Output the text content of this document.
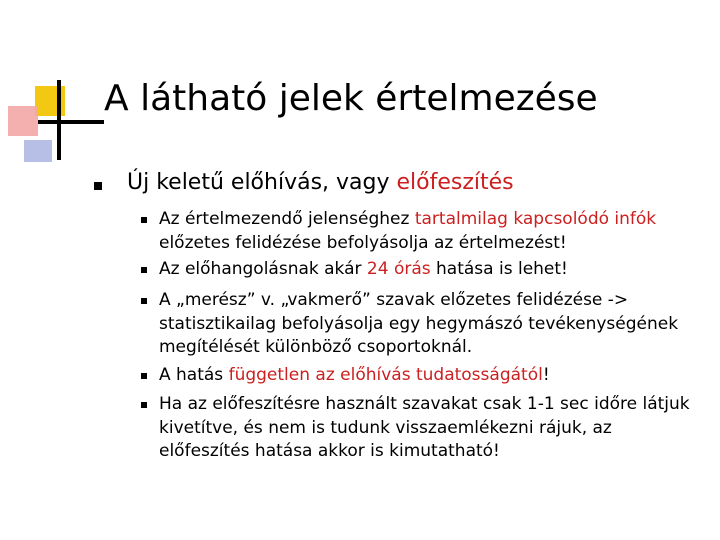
A látható jelek értelmezése
Új keletű előhívás, vagy előfeszítés
Az értelmezendő jelenséghez tartalmilag kapcsolódó infók előzetes felidézése befolyásolja az értelmezést!
Az előhangolásnak akár 24 órás hatása is lehet!
A „merész” v. „vakmerő” szavak előzetes felidézése -> statisztikailag befolyásolja egy hegymászó tevékenységének megítélését különböző csoportoknál.
A hatás független az előhívás tudatosságától!
Ha az előfeszítésre használt szavakat csak 1-1 sec időre látjuk kivetítve, és nem is tudunk visszaemlékezni rájuk, az előfeszítés hatása akkor is kimutatható!
